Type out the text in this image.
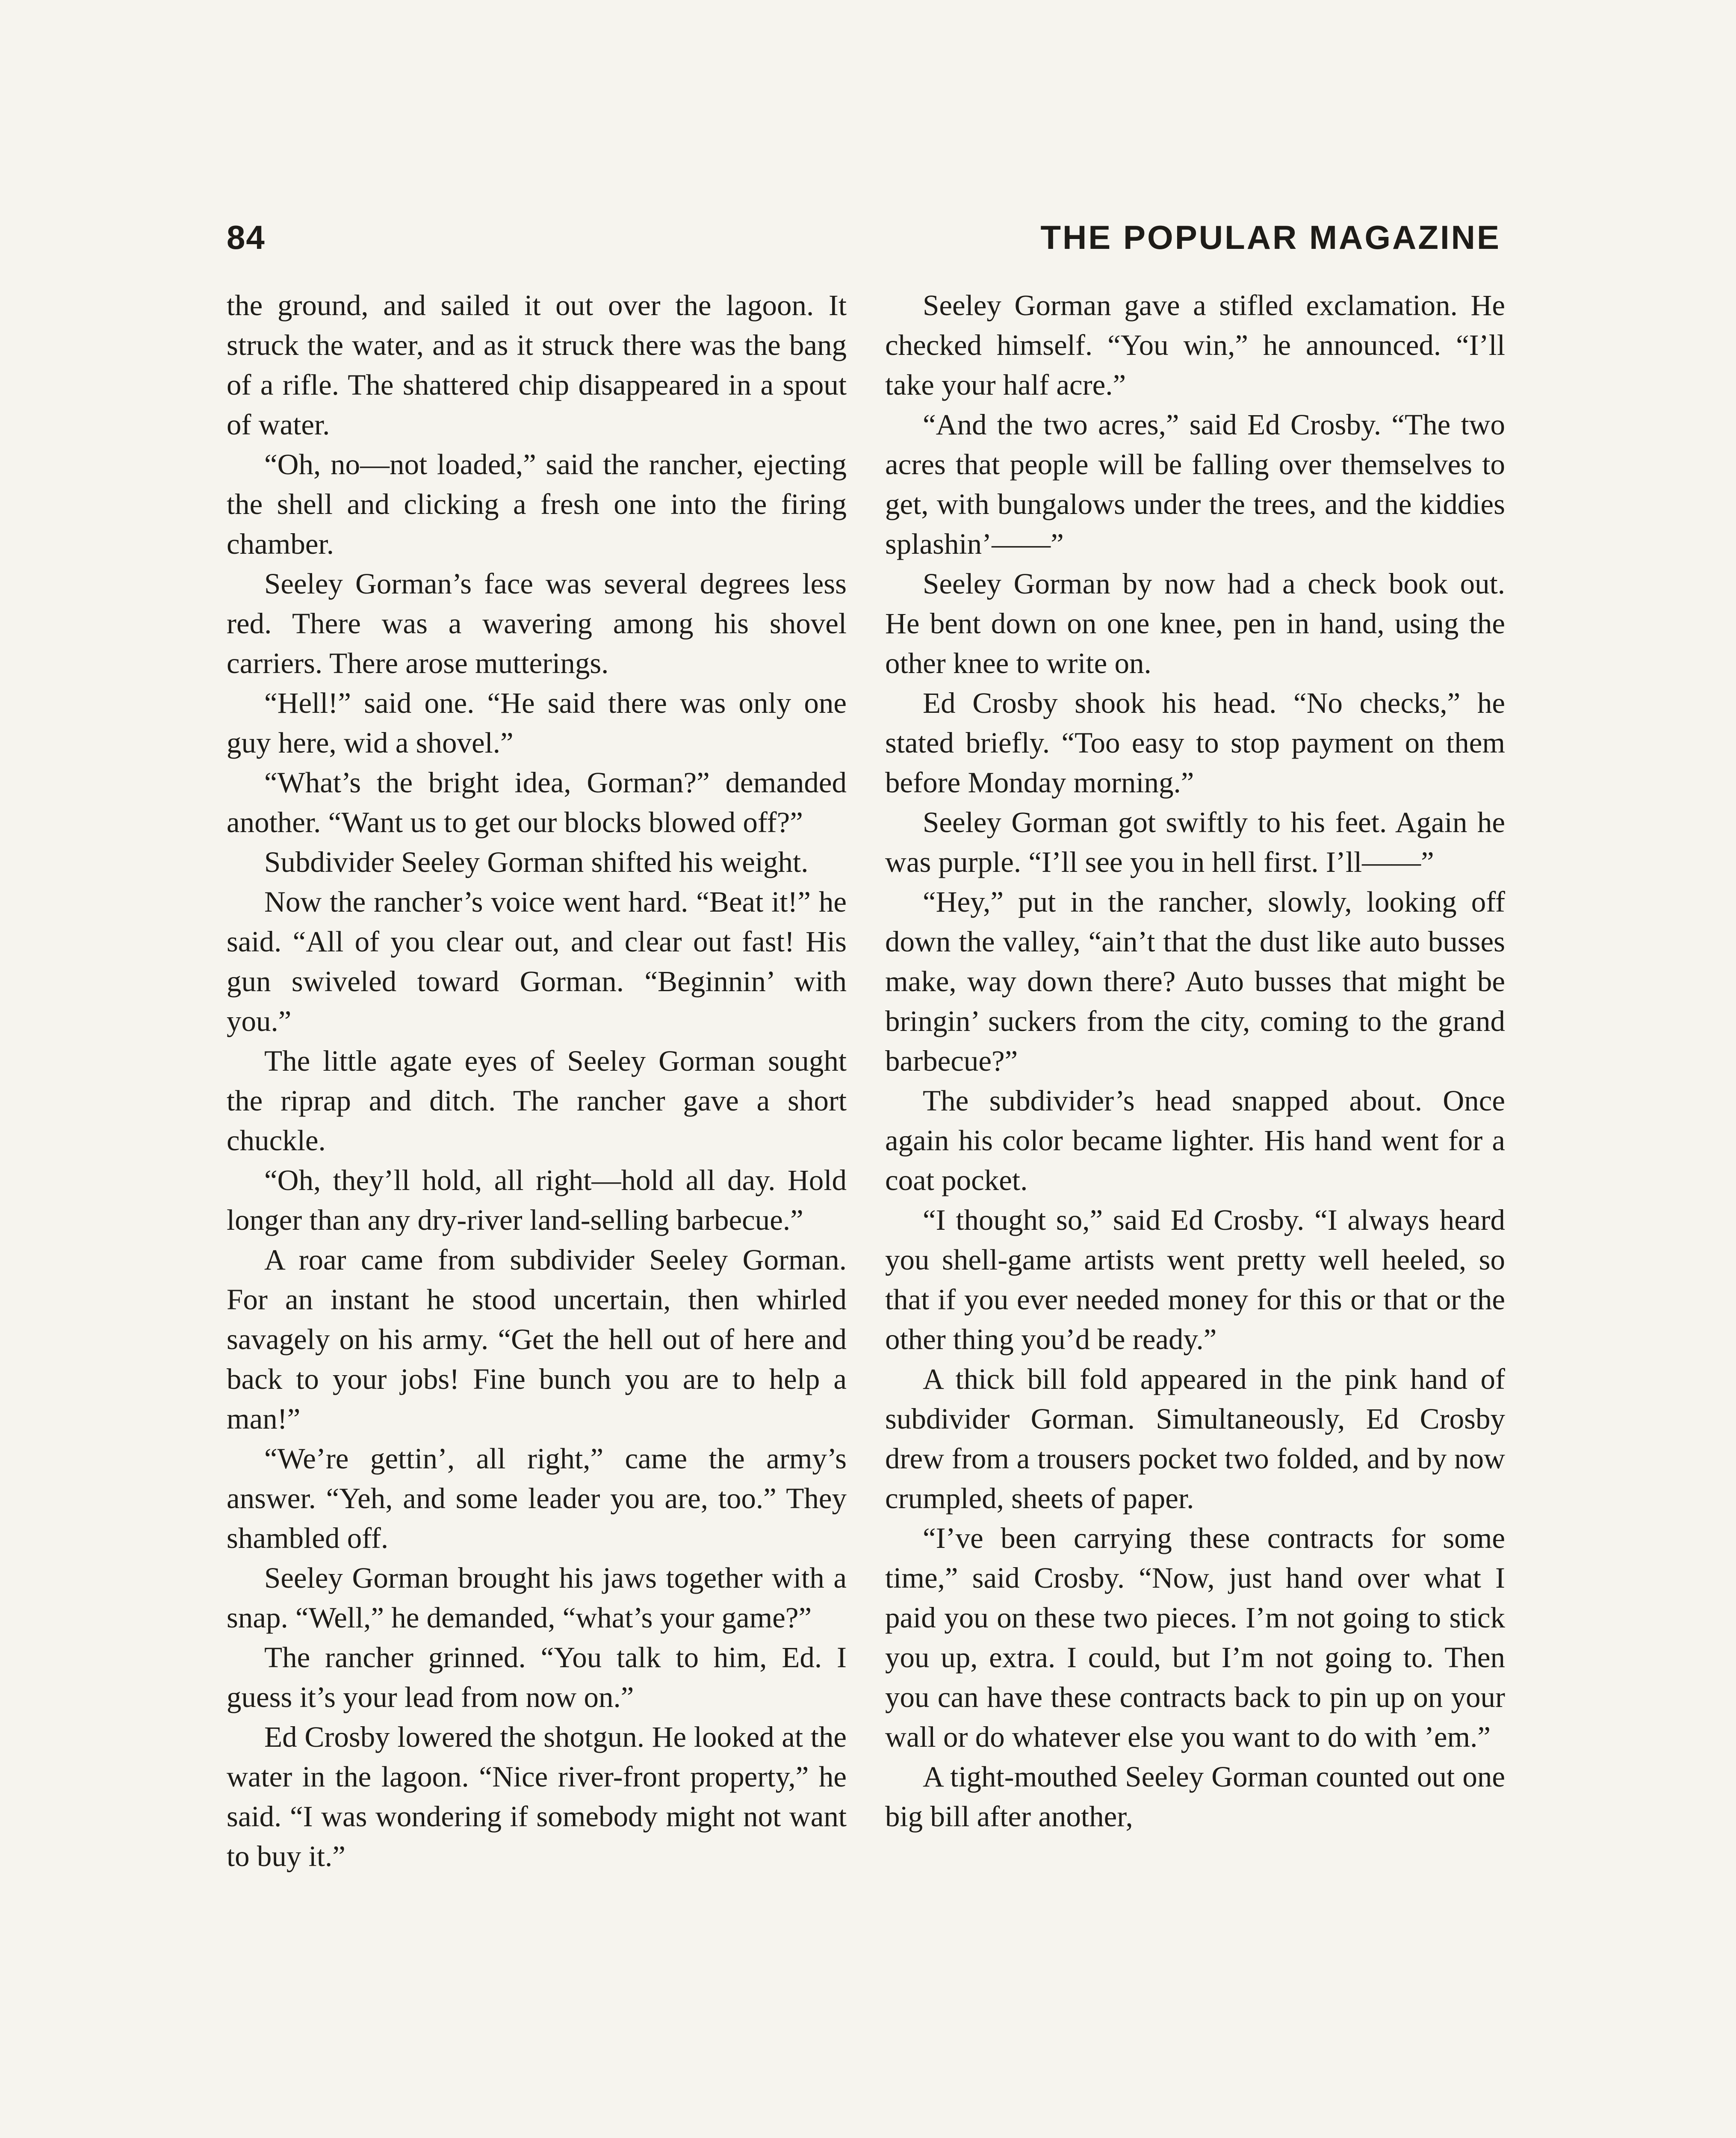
84	THE POPULAR MAGAZINE

the ground, and sailed it out over the lagoon. It struck the water, and as it struck there was the bang of a rifle. The shattered chip disappeared in a spout of water.

“Oh, no—not loaded,” said the rancher, ejecting the shell and clicking a fresh one into the firing chamber.

Seeley Gorman’s face was several degrees less red. There was a wavering among his shovel carriers. There arose mutterings.

“Hell!” said one. “He said there was only one guy here, wid a shovel.”

“What’s the bright idea, Gorman?” demanded another. “Want us to get our blocks blowed off?”

Subdivider Seeley Gorman shifted his weight.

Now the rancher’s voice went hard. “Beat it!” he said. “All of you clear out, and clear out fast! His gun swiveled toward Gorman. “Beginnin’ with you.”

The little agate eyes of Seeley Gorman sought the riprap and ditch. The rancher gave a short chuckle.

“Oh, they’ll hold, all right—hold all day. Hold longer than any dry-river land-selling barbecue.”

A roar came from subdivider Seeley Gorman. For an instant he stood uncertain, then whirled savagely on his army. “Get the hell out of here and back to your jobs! Fine bunch you are to help a man!”

“We’re gettin’, all right,” came the army’s answer. “Yeh, and some leader you are, too.” They shambled off.

Seeley Gorman brought his jaws together with a snap. “Well,” he demanded, “what’s your game?”

The rancher grinned. “You talk to him, Ed. I guess it’s your lead from now on.”

Ed Crosby lowered the shotgun. He looked at the water in the lagoon. “Nice river-front property,” he said. “I was wondering if somebody might not want to buy it.”

Seeley Gorman gave a stifled exclamation. He checked himself. “You win,” he announced. “I’ll take your half acre.”

“And the two acres,” said Ed Crosby. “The two acres that people will be falling over themselves to get, with bungalows under the trees, and the kiddies splashin’——”

Seeley Gorman by now had a check book out. He bent down on one knee, pen in hand, using the other knee to write on.

Ed Crosby shook his head. “No checks,” he stated briefly. “Too easy to stop payment on them before Monday morning.”

Seeley Gorman got swiftly to his feet. Again he was purple. “I’ll see you in hell first. I’ll——”

“Hey,” put in the rancher, slowly, looking off down the valley, “ain’t that the dust like auto busses make, way down there? Auto busses that might be bringin’ suckers from the city, coming to the grand barbecue?”

The subdivider’s head snapped about. Once again his color became lighter. His hand went for a coat pocket.

“I thought so,” said Ed Crosby. “I always heard you shell-game artists went pretty well heeled, so that if you ever needed money for this or that or the other thing you’d be ready.”

A thick bill fold appeared in the pink hand of subdivider Gorman. Simultaneously, Ed Crosby drew from a trousers pocket two folded, and by now crumpled, sheets of paper.

“I’ve been carrying these contracts for some time,” said Crosby. “Now, just hand over what I paid you on these two pieces. I’m not going to stick you up, extra. I could, but I’m not going to. Then you can have these contracts back to pin up on your wall or do whatever else you want to do with ’em.”

A tight-mouthed Seeley Gorman counted out one big bill after another,
